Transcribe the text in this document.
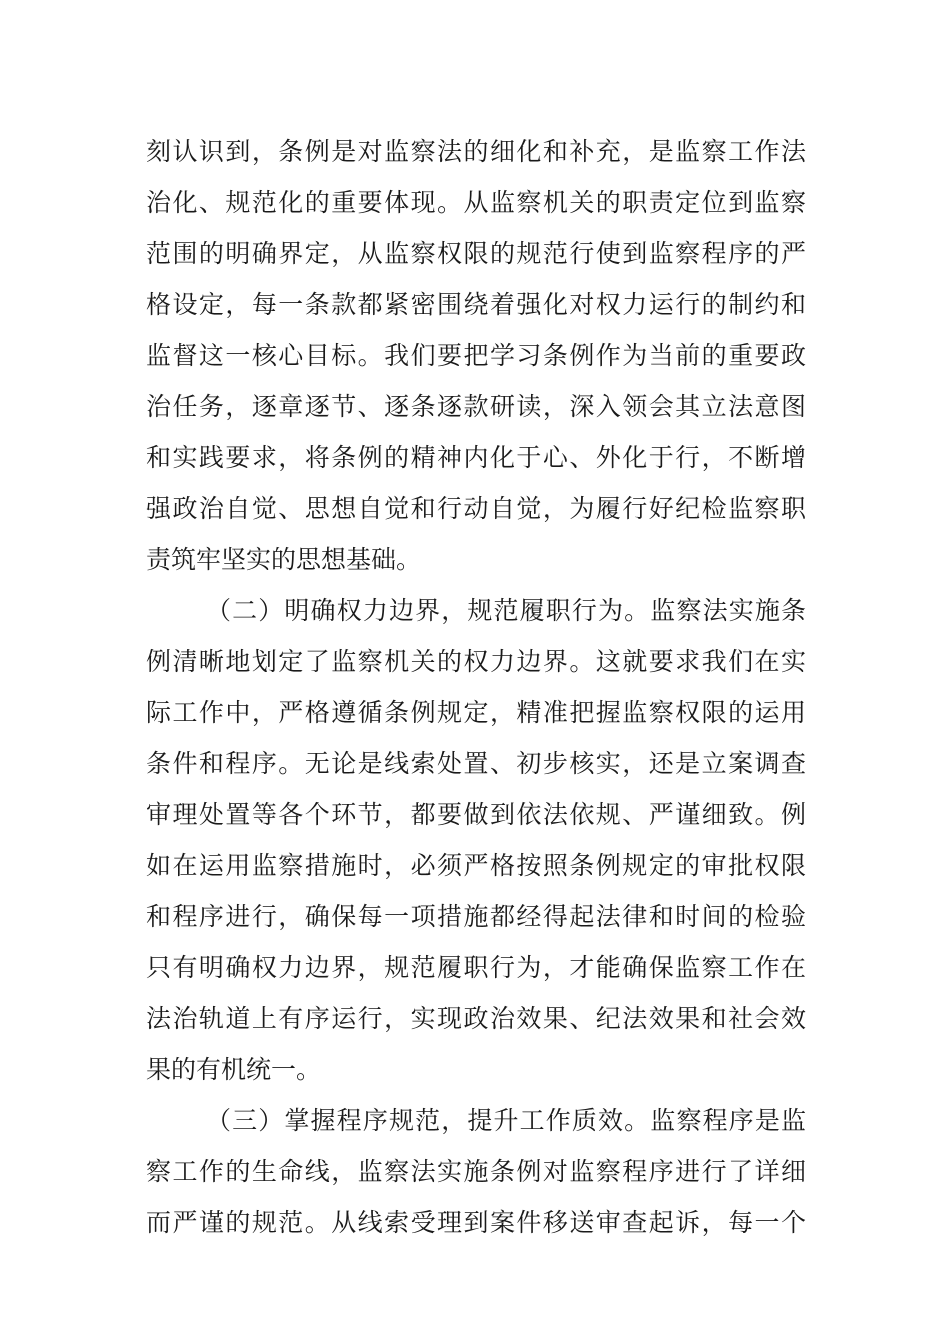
刻认识到，条例是对监察法的细化和补充，是监察工作法
治化、规范化的重要体现。从监察机关的职责定位到监察
范围的明确界定，从监察权限的规范行使到监察程序的严
格设定，每一条款都紧密围绕着强化对权力运行的制约和
监督这一核心目标。我们要把学习条例作为当前的重要政
治任务，逐章逐节、逐条逐款研读，深入领会其立法意图
和实践要求，将条例的精神内化于心、外化于行，不断增
强政治自觉、思想自觉和行动自觉，为履行好纪检监察职
责筑牢坚实的思想基础。
（二）明确权力边界，规范履职行为。监察法实施条
例清晰地划定了监察机关的权力边界。这就要求我们在实
际工作中，严格遵循条例规定，精准把握监察权限的运用
条件和程序。无论是线索处置、初步核实，还是立案调查
审理处置等各个环节，都要做到依法依规、严谨细致。例
如在运用监察措施时，必须严格按照条例规定的审批权限
和程序进行，确保每一项措施都经得起法律和时间的检验
只有明确权力边界，规范履职行为，才能确保监察工作在
法治轨道上有序运行，实现政治效果、纪法效果和社会效
果的有机统一。
（三）掌握程序规范，提升工作质效。监察程序是监
察工作的生命线，监察法实施条例对监察程序进行了详细
而严谨的规范。从线索受理到案件移送审查起诉，每一个
